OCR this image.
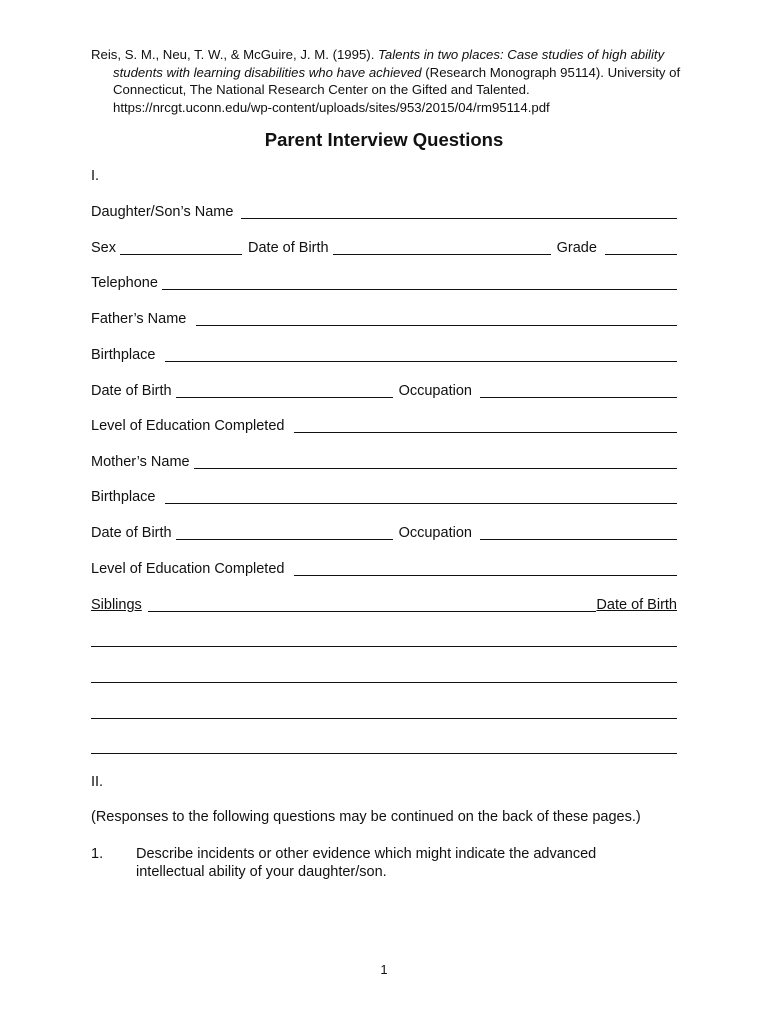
Reis, S. M., Neu, T. W., & McGuire, J. M. (1995). Talents in two places: Case studies of high ability students with learning disabilities who have achieved (Research Monograph 95114). University of Connecticut, The National Research Center on the Gifted and Talented.
https://nrcgt.uconn.edu/wp-content/uploads/sites/953/2015/04/rm95114.pdf
Parent Interview Questions
I.
Daughter/Son’s Name
Sex	Date of Birth	Grade
Telephone
Father’s Name
Birthplace
Date of Birth	Occupation
Level of Education Completed
Mother’s Name
Birthplace
Date of Birth	Occupation
Level of Education Completed
Siblings	Date of Birth
II.
(Responses to the following questions may be continued on the back of these pages.)
1.	Describe incidents or other evidence which might indicate the advanced intellectual ability of your daughter/son.
1
